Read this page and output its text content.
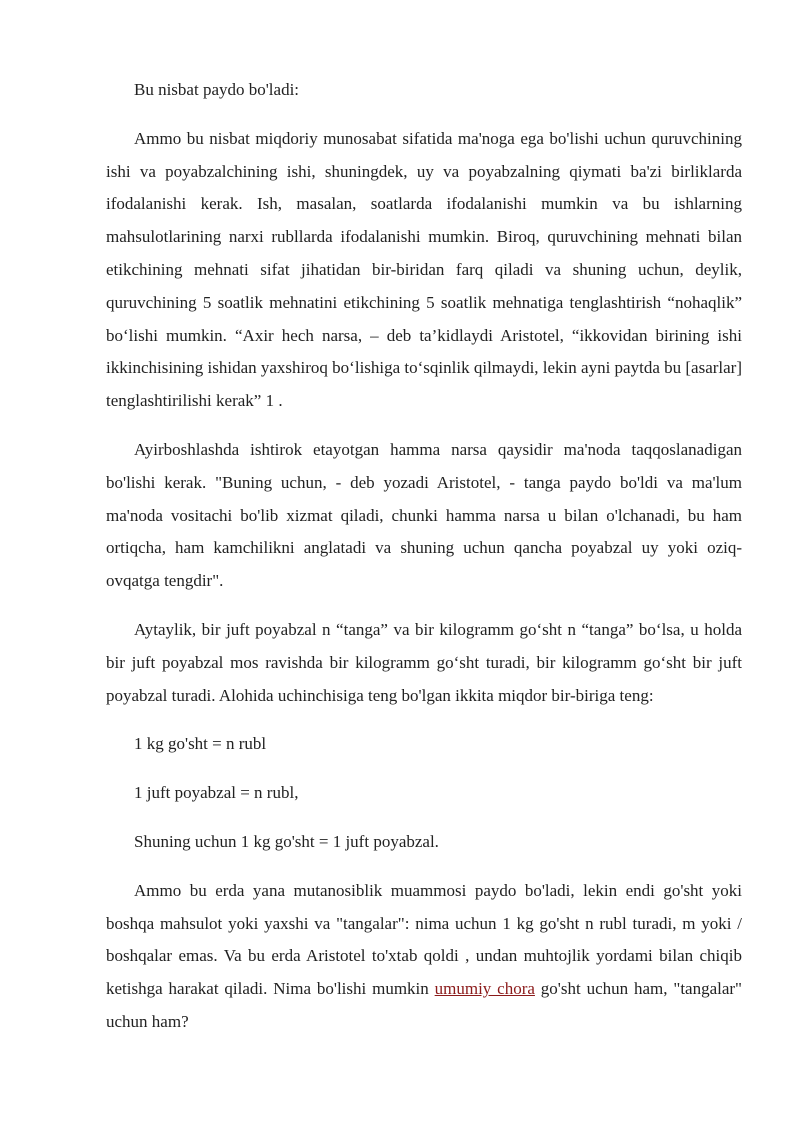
Bu nisbat paydo bo'ladi:

Ammo bu nisbat miqdoriy munosabat sifatida ma'noga ega bo'lishi uchun quruvchining ishi va poyabzalchining ishi, shuningdek, uy va poyabzalning qiymati ba'zi birliklarda ifodalanishi kerak. Ish, masalan, soatlarda ifodalanishi mumkin va bu ishlarning mahsulotlarining narxi rubllarda ifodalanishi mumkin. Biroq, quruvchining mehnati bilan etikchining mehnati sifat jihatidan bir-biridan farq qiladi va shuning uchun, deylik, quruvchining 5 soatlik mehnatini etikchining 5 soatlik mehnatiga tenglashtirish “nohaqlik” bo‘lishi mumkin. “Axir hech narsa, – deb ta’kidlaydi Aristotel, “ikkovidan birining ishi ikkinchisining ishidan yaxshiroq bo‘lishiga to‘sqinlik qilmaydi, lekin ayni paytda bu [asarlar] tenglashtirilishi kerak” 1 .

Ayirboshlashda ishtirok etayotgan hamma narsa qaysidir ma'noda taqqoslanadigan bo'lishi kerak. "Buning uchun, - deb yozadi Aristotel, - tanga paydo bo'ldi va ma'lum ma'noda vositachi bo'lib xizmat qiladi, chunki hamma narsa u bilan o'lchanadi, bu ham ortiqcha, ham kamchilikni anglatadi va shuning uchun qancha poyabzal uy yoki oziq-ovqatga tengdir".

Aytaylik, bir juft poyabzal n “tanga” va bir kilogramm go‘sht n “tanga” bo‘lsa, u holda bir juft poyabzal mos ravishda bir kilogramm go‘sht turadi, bir kilogramm go‘sht bir juft poyabzal turadi. Alohida uchinchisiga teng bo'lgan ikkita miqdor bir-biriga teng:

1 kg go'sht = n rubl

1 juft poyabzal = n rubl,

Shuning uchun 1 kg go'sht = 1 juft poyabzal.

Ammo bu erda yana mutanosiblik muammosi paydo bo'ladi, lekin endi go'sht yoki boshqa mahsulot yoki yaxshi va "tangalar": nima uchun 1 kg go'sht n rubl turadi, m yoki / boshqalar emas. Va bu erda Aristotel to'xtab qoldi , undan muhtojlik yordami bilan chiqib ketishga harakat qiladi. Nima bo'lishi mumkin umumiy chora go'sht uchun ham, "tangalar" uchun ham?
